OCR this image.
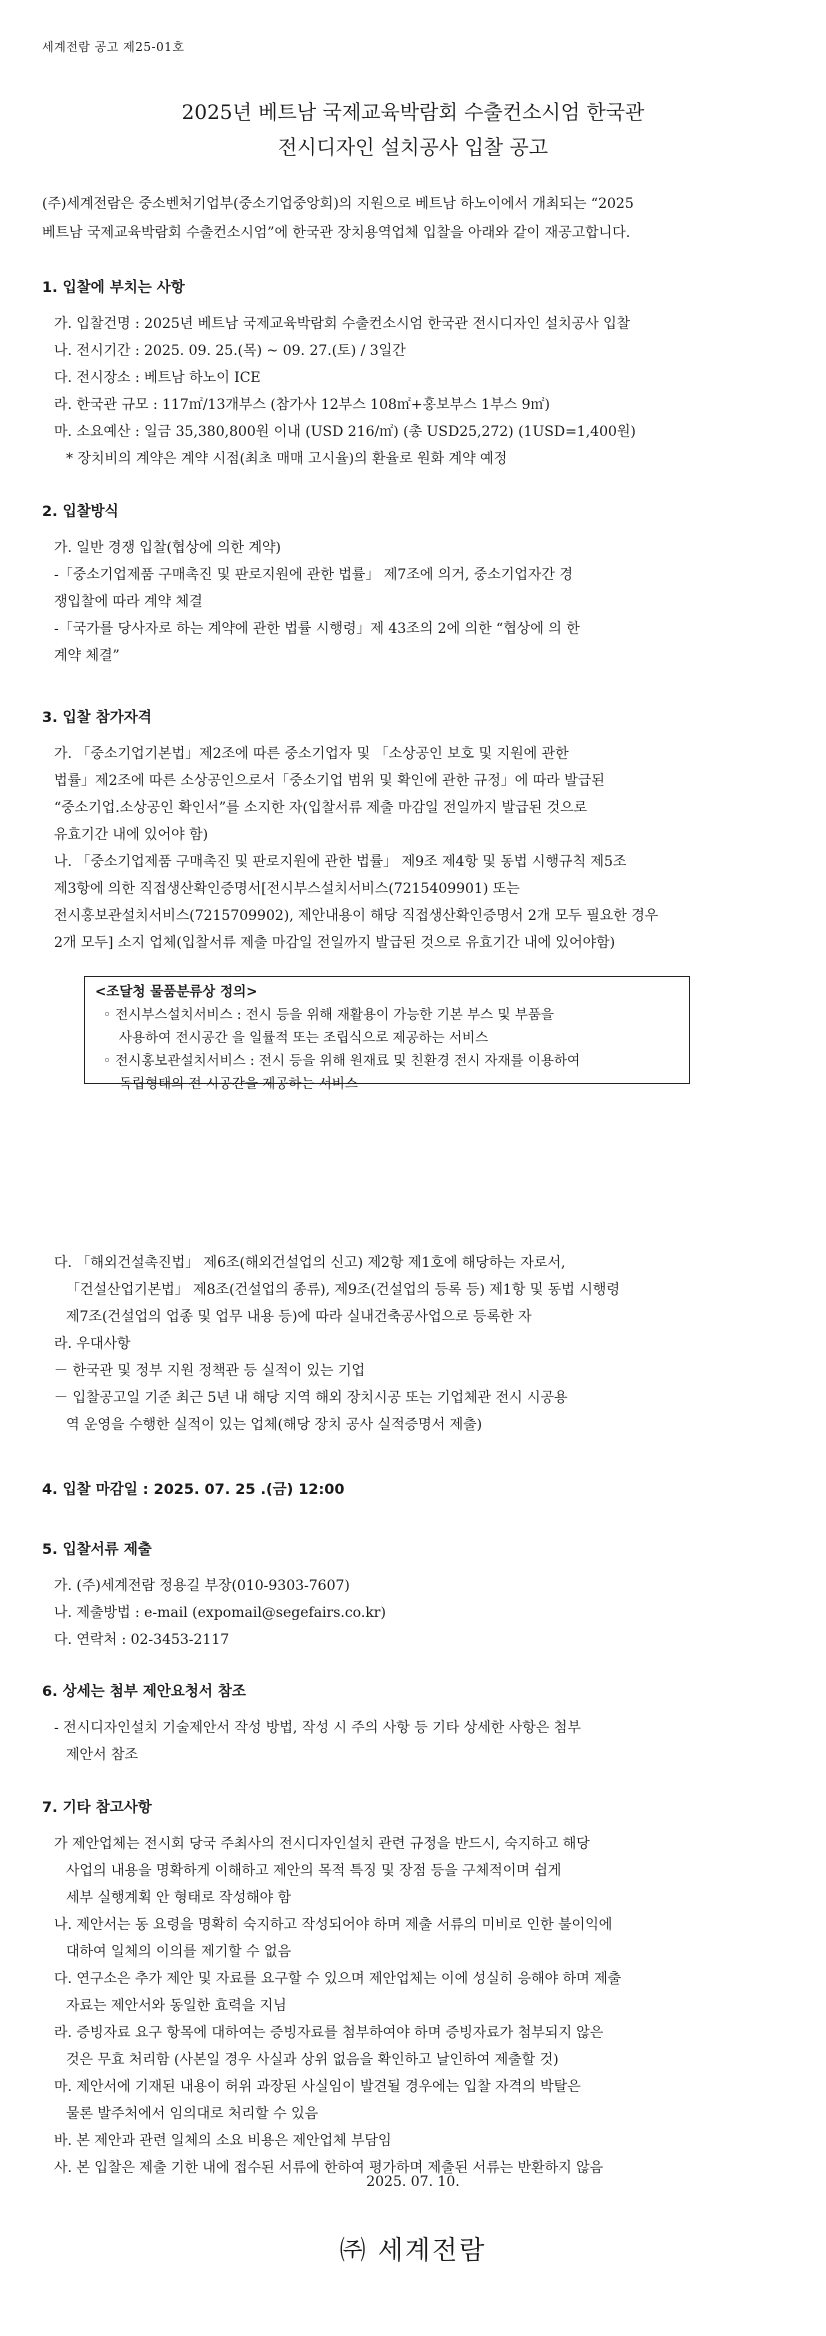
세계전람 공고 제25-01호
2025년 베트남 국제교육박람회 수출컨소시엄 한국관
전시디자인 설치공사 입찰 공고
(주)세계전람은 중소벤처기업부(중소기업중앙회)의 지원으로 베트남 하노이에서 개최되는 “2025
베트남 국제교육박람회 수출컨소시엄”에 한국관 장치용역업체 입찰을 아래와 같이 재공고합니다.
1. 입찰에 부치는 사항
가. 입찰건명 : 2025년 베트남 국제교육박람회 수출컨소시엄 한국관 전시디자인 설치공사 입찰
나. 전시기간 : 2025. 09. 25.(목) ~ 09. 27.(토) / 3일간
다. 전시장소 : 베트남 하노이 ICE
라. 한국관 규모 : 117㎡/13개부스 (참가사 12부스 108㎡+홍보부스 1부스 9㎡)
마. 소요예산 : 일금 35,380,800원 이내 (USD 216/㎡) (총 USD25,272) (1USD=1,400원)
* 장치비의 계약은 계약 시점(최초 매매 고시율)의 환율로 원화 계약 예정
2. 입찰방식
가. 일반 경쟁 입찰(협상에 의한 계약)
-「중소기업제품 구매촉진 및 판로지원에 관한 법률」 제7조에 의거, 중소기업자간 경
쟁입찰에 따라 계약 체결
-「국가를 당사자로 하는 계약에 관한 법률 시행령」제 43조의 2에 의한 “협상에 의 한
계약 체결”
3. 입찰 참가자격
가. 「중소기업기본법」제2조에 따른 중소기업자 및 「소상공인 보호 및 지원에 관한
법률」제2조에 따른 소상공인으로서「중소기업 범위 및 확인에 관한 규정」에 따라 발급된
“중소기업.소상공인 확인서”를 소지한 자(입찰서류 제출 마감일 전일까지 발급된 것으로
유효기간 내에 있어야 함)
나. 「중소기업제품 구매촉진 및 판로지원에 관한 법률」 제9조 제4항 및 동법 시행규칙 제5조
제3항에 의한 직접생산확인증명서[전시부스설치서비스(7215409901) 또는
전시홍보관설치서비스(7215709902), 제안내용이 해당 직접생산확인증명서 2개 모두 필요한 경우
2개 모두] 소지 업체(입찰서류 제출 마감일 전일까지 발급된 것으로 유효기간 내에 있어야함)
<조달청 물품분류상 정의>
◦ 전시부스설치서비스 : 전시 등을 위해 재활용이 가능한 기본 부스 및 부품을
사용하여 전시공간 을 일률적 또는 조립식으로 제공하는 서비스
◦ 전시홍보관설치서비스 : 전시 등을 위해 원재료 및 친환경 전시 자재를 이용하여
독립형태의 전 시공간을 제공하는 서비스
다. 「해외건설촉진법」 제6조(해외건설업의 신고) 제2항 제1호에 해당하는 자로서,
「건설산업기본법」 제8조(건설업의 종류), 제9조(건설업의 등록 등) 제1항 및 동법 시행령
제7조(건설업의 업종 및 업무 내용 등)에 따라 실내건축공사업으로 등록한 자
라. 우대사항
－ 한국관 및 정부 지원 정책관 등 실적이 있는 기업
－ 입찰공고일 기준 최근 5년 내 해당 지역 해외 장치시공 또는 기업체관 전시 시공용
역 운영을 수행한 실적이 있는 업체(해당 장치 공사 실적증명서 제출)
4. 입찰 마감일 : 2025. 07. 25 .(금) 12:00
5. 입찰서류 제출
가. (주)세계전람 정용길 부장(010-9303-7607)
나. 제출방법 : e-mail (expomail@segefairs.co.kr)
다. 연락처 : 02-3453-2117
6. 상세는 첨부 제안요청서 참조
- 전시디자인설치 기술제안서 작성 방법, 작성 시 주의 사항 등 기타 상세한 사항은 첨부
제안서 참조
7. 기타 참고사항
가 제안업체는 전시회 당국 주최사의 전시디자인설치 관련 규정을 반드시, 숙지하고 해당
사업의 내용을 명확하게 이해하고 제안의 목적 특징 및 장점 등을 구체적이며 쉽게
세부 실행계획 안 형태로 작성해야 함
나. 제안서는 동 요령을 명확히 숙지하고 작성되어야 하며 제출 서류의 미비로 인한 불이익에
대하여 일체의 이의를 제기할 수 없음
다. 연구소은 추가 제안 및 자료를 요구할 수 있으며 제안업체는 이에 성실히 응해야 하며 제출
자료는 제안서와 동일한 효력을 지님
라. 증빙자료 요구 항목에 대하여는 증빙자료를 첨부하여야 하며 증빙자료가 첨부되지 않은
것은 무효 처리함 (사본일 경우 사실과 상위 없음을 확인하고 날인하여 제출할 것)
마. 제안서에 기재된 내용이 허위 과장된 사실임이 발견될 경우에는 입찰 자격의 박탈은
물론 발주처에서 임의대로 처리할 수 있음
바. 본 제안과 관련 일체의 소요 비용은 제안업체 부담임
사. 본 입찰은 제출 기한 내에 접수된 서류에 한하여 평가하며 제출된 서류는 반환하지 않음
2025. 07. 10.
㈜ 세계전람
